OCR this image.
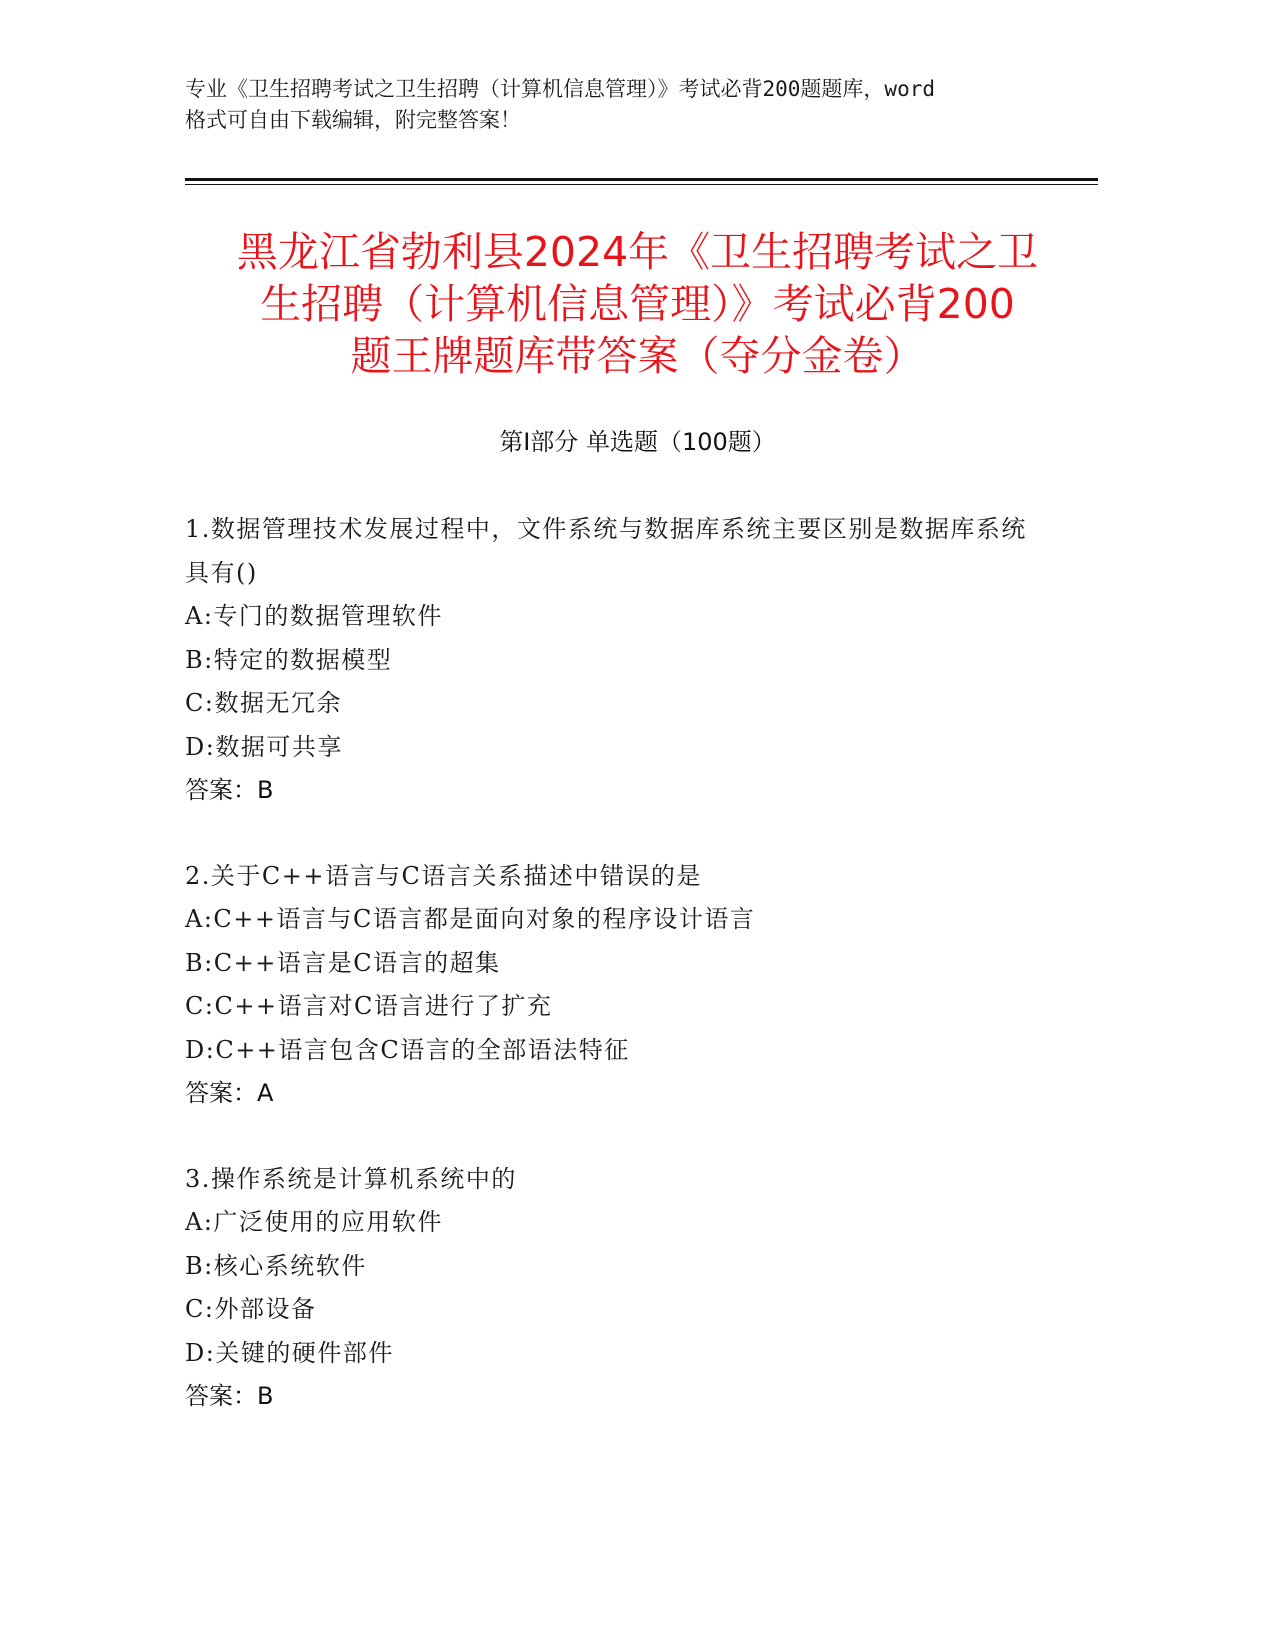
专业《卫生招聘考试之卫生招聘（计算机信息管理）》考试必背200题题库，word
格式可自由下载编辑，附完整答案！
黑龙江省勃利县2024年《卫生招聘考试之卫
生招聘（计算机信息管理）》考试必背200
题王牌题库带答案（夺分金卷）
第Ⅰ部分 单选题（100题）
1.数据管理技术发展过程中，文件系统与数据库系统主要区别是数据库系统具有()
A:专门的数据管理软件
B:特定的数据模型
C:数据无冗余
D:数据可共享
答案：B
2.关于C++语言与C语言关系描述中错误的是
A:C++语言与C语言都是面向对象的程序设计语言
B:C++语言是C语言的超集
C:C++语言对C语言进行了扩充
D:C++语言包含C语言的全部语法特征
答案：A
3.操作系统是计算机系统中的
A:广泛使用的应用软件
B:核心系统软件
C:外部设备
D:关键的硬件部件
答案：B
